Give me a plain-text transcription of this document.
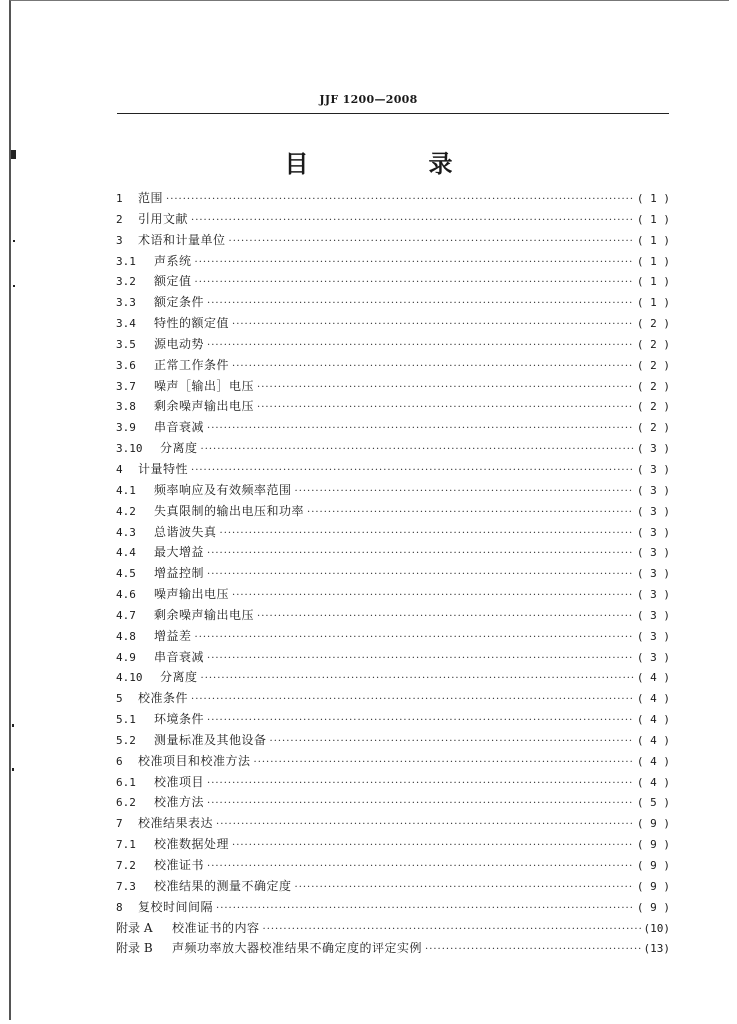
JJF 1200—2008
目　录
1	范围 ·····	( 1 )
2	引用文献 ·····	( 1 )
3	术语和计量单位 ·····	( 1 )
3.1	声系统 ·····	( 1 )
3.2	额定值 ·····	( 1 )
3.3	额定条件 ·····	( 1 )
3.4	特性的额定值 ·····	( 2 )
3.5	源电动势 ·····	( 2 )
3.6	正常工作条件 ·····	( 2 )
3.7	噪声［输出］电压 ·····	( 2 )
3.8	剩余噪声输出电压 ·····	( 2 )
3.9	串音衰减 ·····	( 2 )
3.10	分离度 ·····	( 3 )
4	计量特性 ·····	( 3 )
4.1	频率响应及有效频率范围 ·····	( 3 )
4.2	失真限制的输出电压和功率 ·····	( 3 )
4.3	总谐波失真 ·····	( 3 )
4.4	最大增益 ·····	( 3 )
4.5	增益控制 ·····	( 3 )
4.6	噪声输出电压 ·····	( 3 )
4.7	剩余噪声输出电压 ·····	( 3 )
4.8	增益差 ·····	( 3 )
4.9	串音衰减 ·····	( 3 )
4.10	分离度 ·····	( 4 )
5	校准条件 ·····	( 4 )
5.1	环境条件 ·····	( 4 )
5.2	测量标准及其他设备 ·····	( 4 )
6	校准项目和校准方法 ·····	( 4 )
6.1	校准项目 ·····	( 4 )
6.2	校准方法 ·····	( 5 )
7	校准结果表达 ·····	( 9 )
7.1	校准数据处理 ·····	( 9 )
7.2	校准证书 ·····	( 9 )
7.3	校准结果的测量不确定度 ·····	( 9 )
8	复校时间间隔 ·····	( 9 )
附录 A	校准证书的内容 ·····	(10)
附录 B	声频功率放大器校准结果不确定度的评定实例 ·····	(13)
